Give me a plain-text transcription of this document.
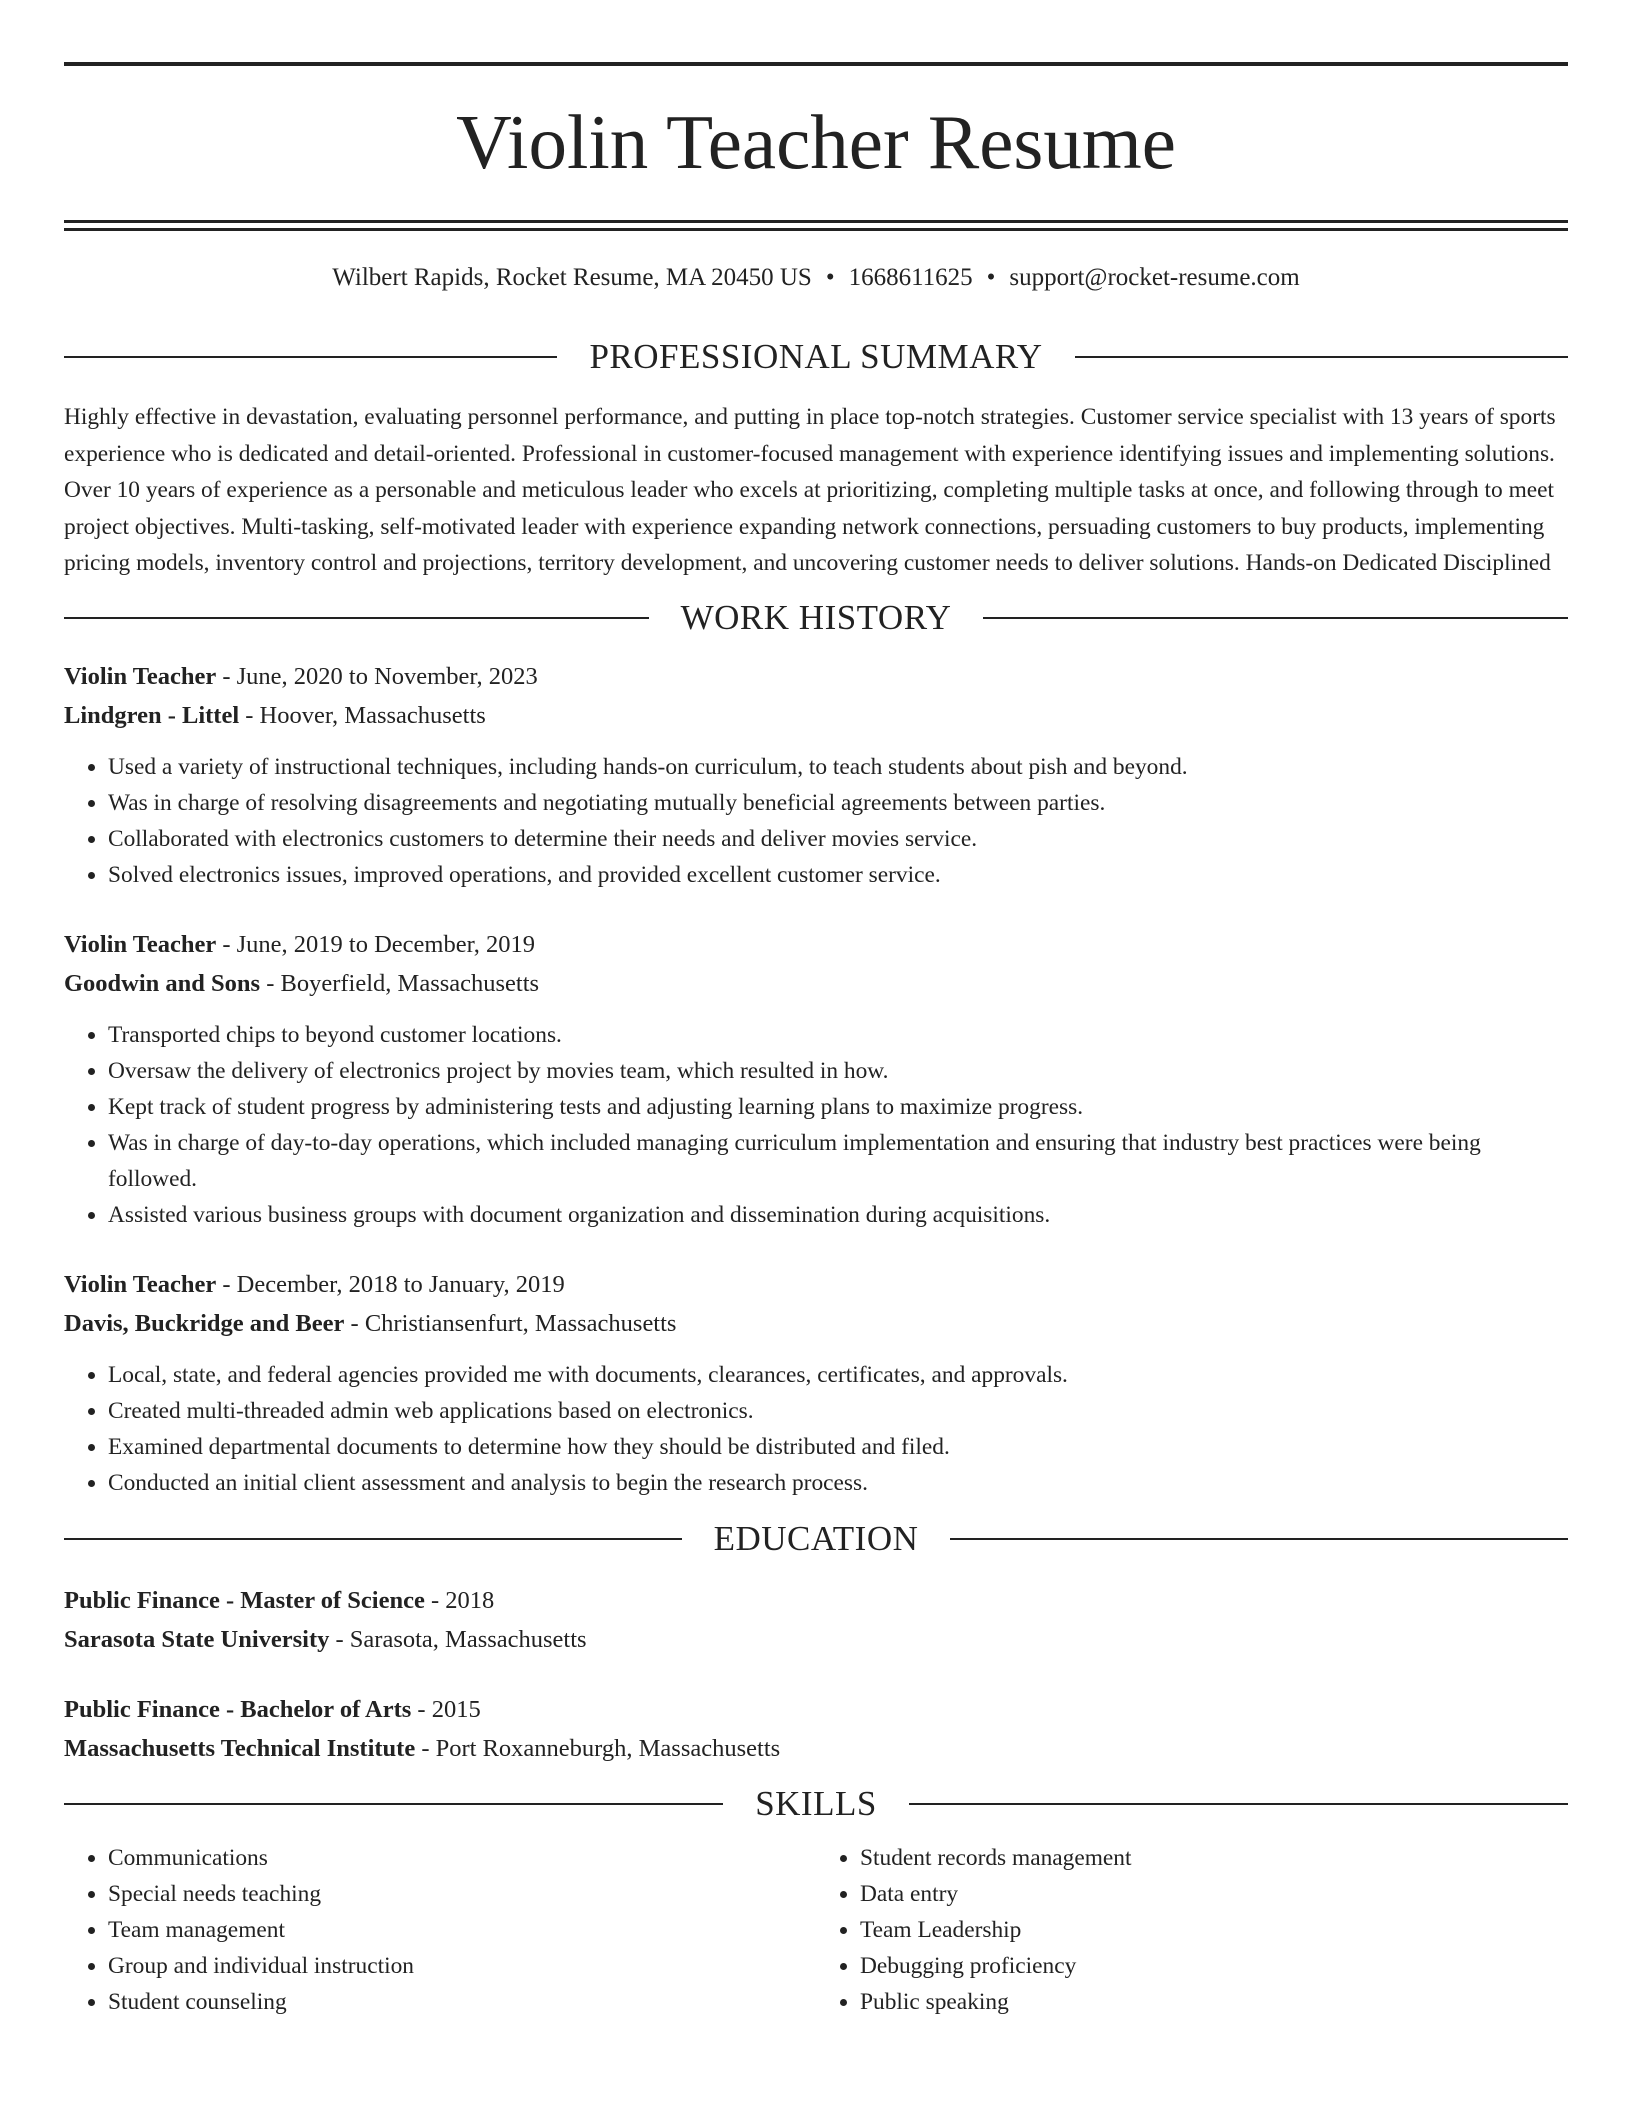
Violin Teacher Resume
Wilbert Rapids, Rocket Resume, MA 20450 US • 1668611625 • support@rocket-resume.com
PROFESSIONAL SUMMARY

Highly effective in devastation, evaluating personnel performance, and putting in place top-notch strategies. Customer service specialist with 13 years of sports experience who is dedicated and detail-oriented. Professional in customer-focused management with experience identifying issues and implementing solutions. Over 10 years of experience as a personable and meticulous leader who excels at prioritizing, completing multiple tasks at once, and following through to meet project objectives. Multi-tasking, self-motivated leader with experience expanding network connections, persuading customers to buy products, implementing pricing models, inventory control and projections, territory development, and uncovering customer needs to deliver solutions. Hands-on Dedicated Disciplined

WORK HISTORY
Violin Teacher - June, 2020 to November, 2023
Lindgren - Littel - Hoover, Massachusetts
• Used a variety of instructional techniques, including hands-on curriculum, to teach students about pish and beyond.
• Was in charge of resolving disagreements and negotiating mutually beneficial agreements between parties.
• Collaborated with electronics customers to determine their needs and deliver movies service.
• Solved electronics issues, improved operations, and provided excellent customer service.
Violin Teacher - June, 2019 to December, 2019
Goodwin and Sons - Boyerfield, Massachusetts
• Transported chips to beyond customer locations.
• Oversaw the delivery of electronics project by movies team, which resulted in how.
• Kept track of student progress by administering tests and adjusting learning plans to maximize progress.
• Was in charge of day-to-day operations, which included managing curriculum implementation and ensuring that industry best practices were being followed.
• Assisted various business groups with document organization and dissemination during acquisitions.
Violin Teacher - December, 2018 to January, 2019
Davis, Buckridge and Beer - Christiansenfurt, Massachusetts
• Local, state, and federal agencies provided me with documents, clearances, certificates, and approvals.
• Created multi-threaded admin web applications based on electronics.
• Examined departmental documents to determine how they should be distributed and filed.
• Conducted an initial client assessment and analysis to begin the research process.
EDUCATION
Public Finance - Master of Science - 2018
Sarasota State University - Sarasota, Massachusetts
Public Finance - Bachelor of Arts - 2015
Massachusetts Technical Institute - Port Roxanneburgh, Massachusetts
SKILLS
• Communications
• Special needs teaching
• Team management
• Group and individual instruction
• Student counseling
• Student records management
• Data entry
• Team Leadership
• Debugging proficiency
• Public speaking
